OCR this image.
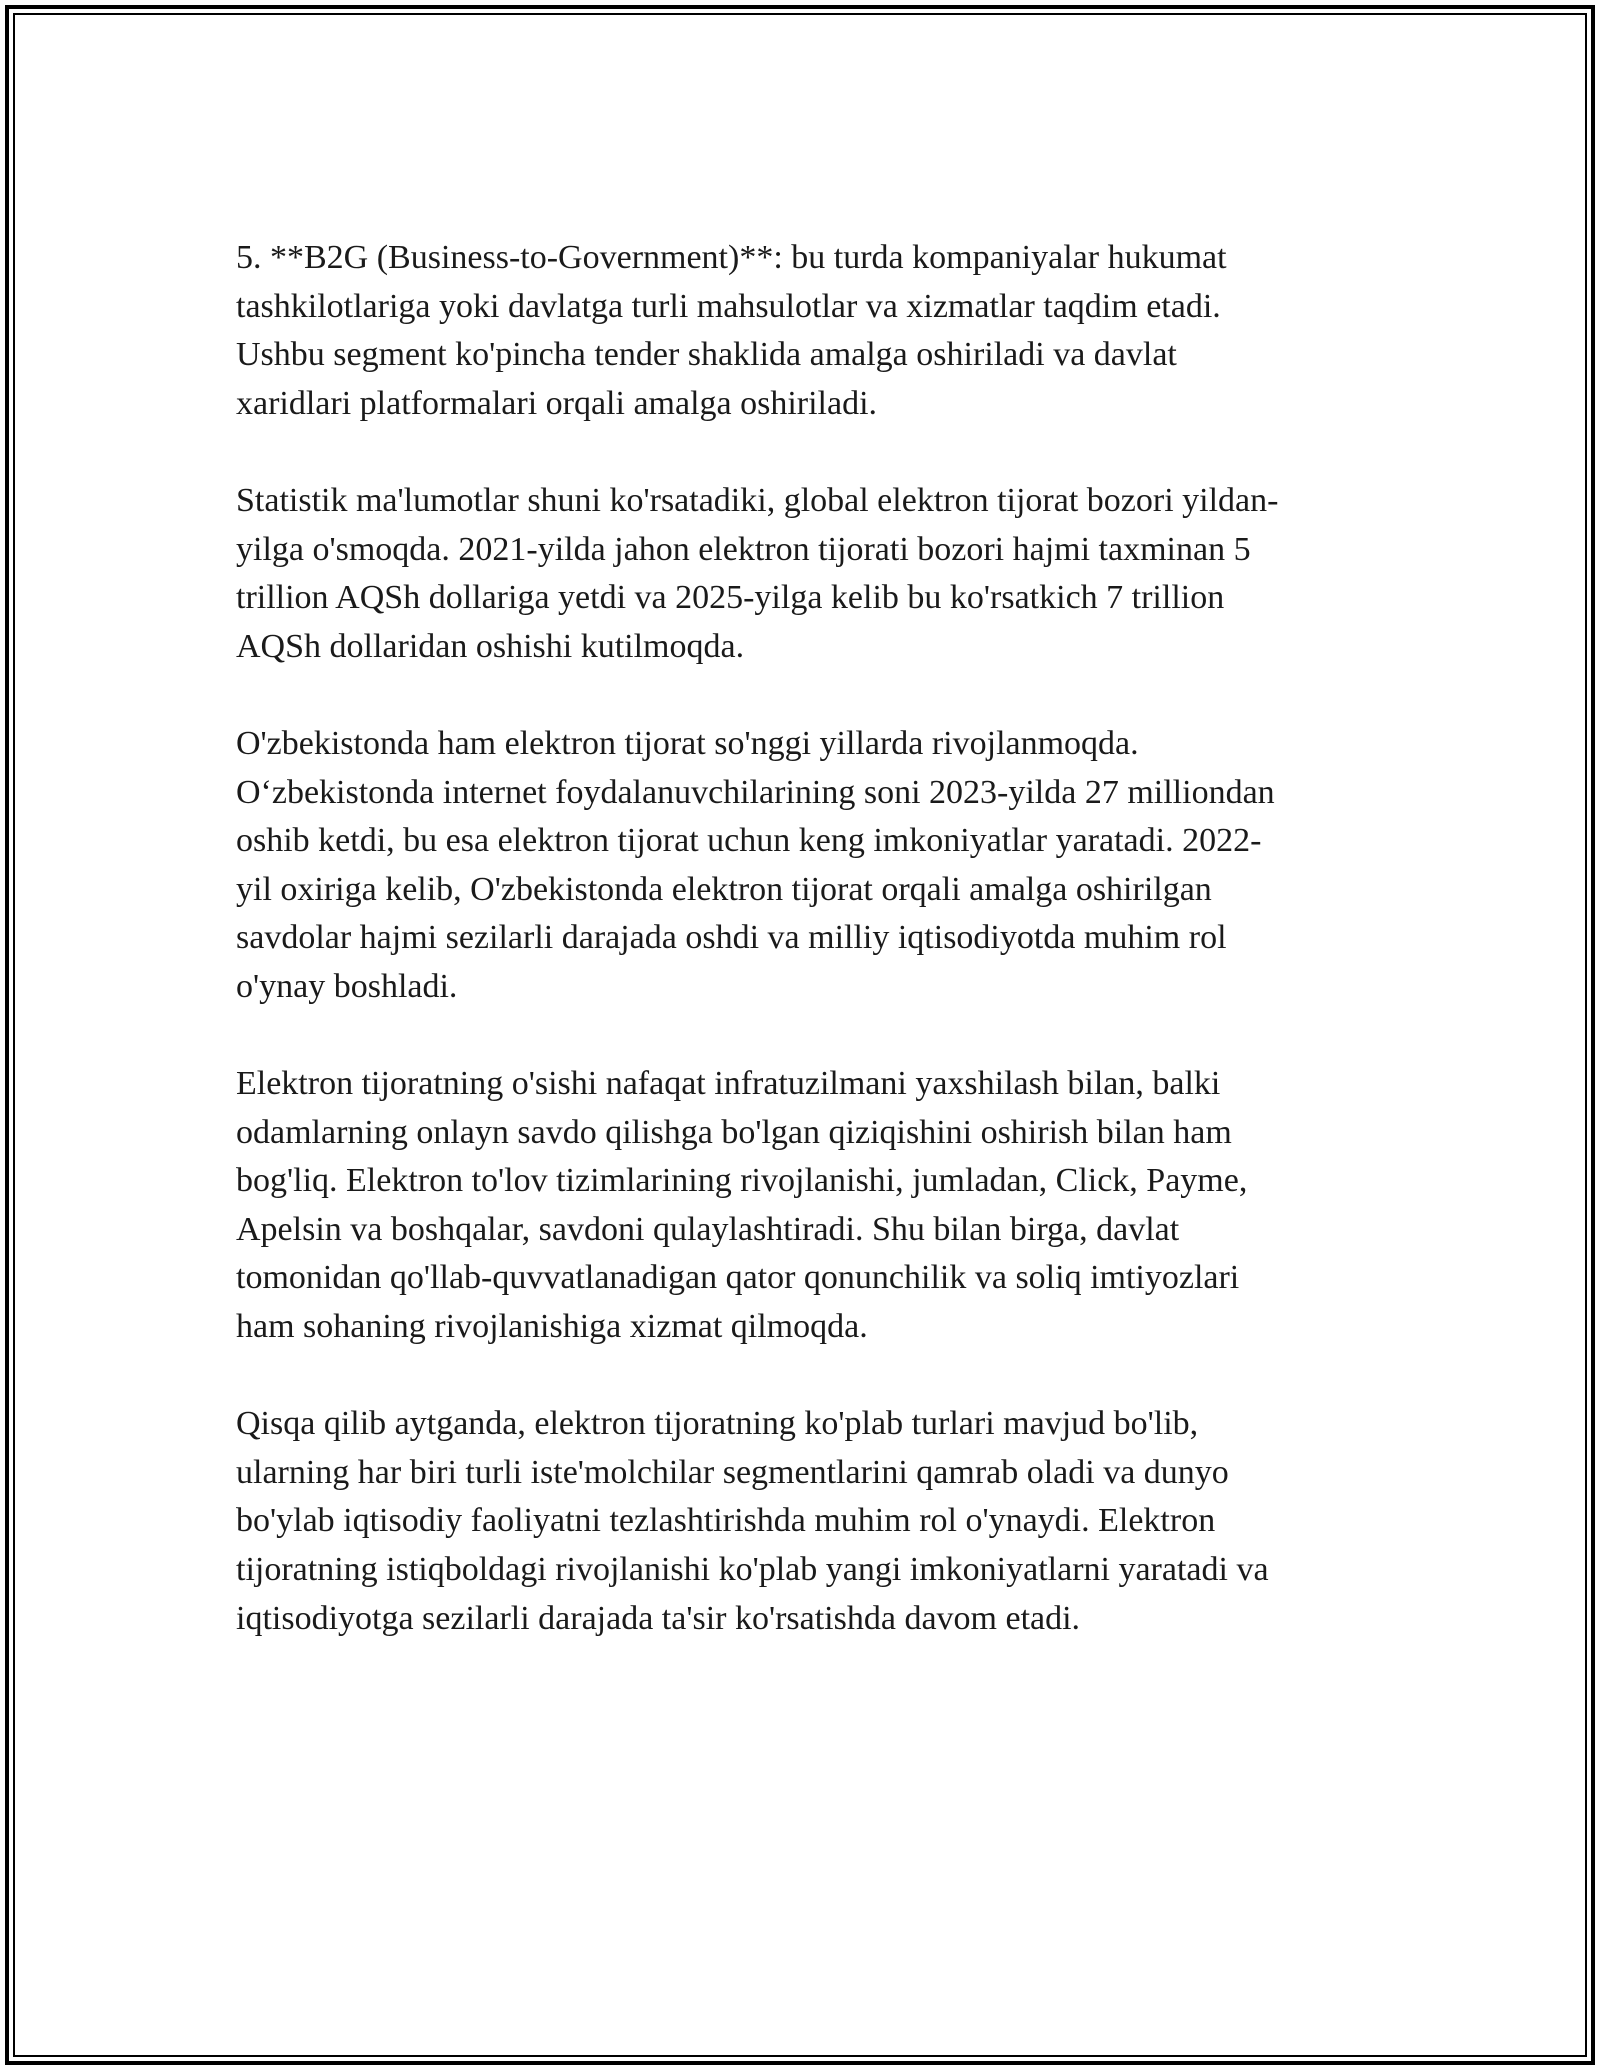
5. **B2G (Business-to-Government)**: bu turda kompaniyalar hukumat
tashkilotlariga yoki davlatga turli mahsulotlar va xizmatlar taqdim etadi.
Ushbu segment ko'pincha tender shaklida amalga oshiriladi va davlat
xaridlari platformalari orqali amalga oshiriladi.

Statistik ma'lumotlar shuni ko'rsatadiki, global elektron tijorat bozori yildan-
yilga o'smoqda. 2021-yilda jahon elektron tijorati bozori hajmi taxminan 5
trillion AQSh dollariga yetdi va 2025-yilga kelib bu ko'rsatkich 7 trillion
AQSh dollaridan oshishi kutilmoqda.

O'zbekistonda ham elektron tijorat so'nggi yillarda rivojlanmoqda.
O‘zbekistonda internet foydalanuvchilarining soni 2023-yilda 27 milliondan
oshib ketdi, bu esa elektron tijorat uchun keng imkoniyatlar yaratadi. 2022-
yil oxiriga kelib, O'zbekistonda elektron tijorat orqali amalga oshirilgan
savdolar hajmi sezilarli darajada oshdi va milliy iqtisodiyotda muhim rol
o'ynay boshladi.

Elektron tijoratning o'sishi nafaqat infratuzilmani yaxshilash bilan, balki
odamlarning onlayn savdo qilishga bo'lgan qiziqishini oshirish bilan ham
bog'liq. Elektron to'lov tizimlarining rivojlanishi, jumladan, Click, Payme,
Apelsin va boshqalar, savdoni qulaylashtiradi. Shu bilan birga, davlat
tomonidan qo'llab-quvvatlanadigan qator qonunchilik va soliq imtiyozlari
ham sohaning rivojlanishiga xizmat qilmoqda.

Qisqa qilib aytganda, elektron tijoratning ko'plab turlari mavjud bo'lib,
ularning har biri turli iste'molchilar segmentlarini qamrab oladi va dunyo
bo'ylab iqtisodiy faoliyatni tezlashtirishda muhim rol o'ynaydi. Elektron
tijoratning istiqboldagi rivojlanishi ko'plab yangi imkoniyatlarni yaratadi va
iqtisodiyotga sezilarli darajada ta'sir ko'rsatishda davom etadi.
